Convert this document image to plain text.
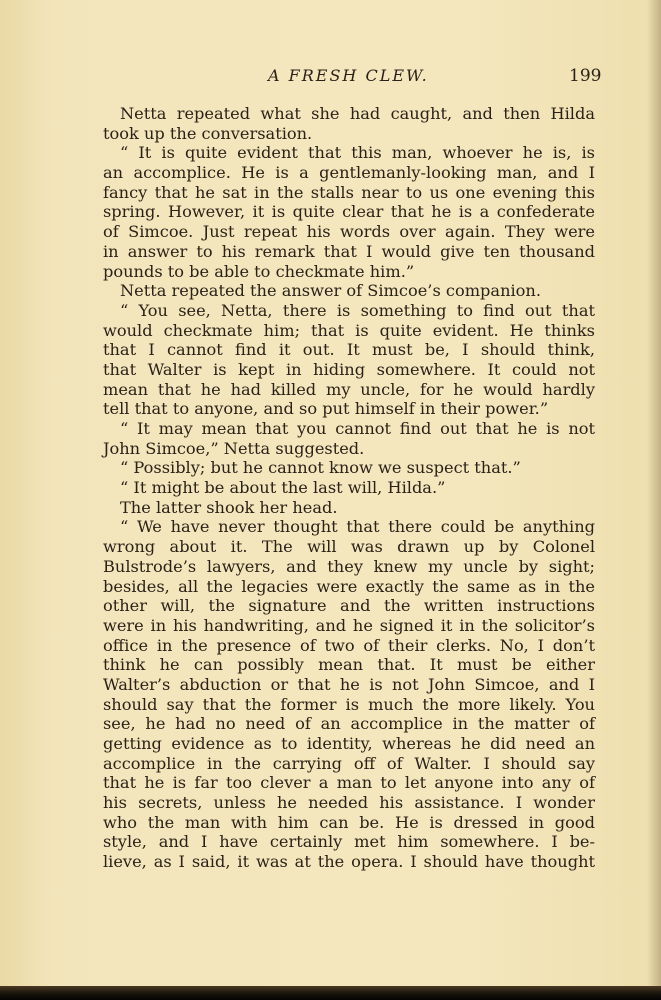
A FRESH CLEW.	199
Netta repeated what she had caught, and then Hilda
took up the conversation.
“ It is quite evident that this man, whoever he is, is
an accomplice. He is a gentlemanly-looking man, and I
fancy that he sat in the stalls near to us one evening this
spring. However, it is quite clear that he is a confederate
of Simcoe. Just repeat his words over again. They were
in answer to his remark that I would give ten thousand
pounds to be able to checkmate him.”
Netta repeated the answer of Simcoe’s companion.
“ You see, Netta, there is something to find out that
would checkmate him; that is quite evident. He thinks
that I cannot find it out. It must be, I should think,
that Walter is kept in hiding somewhere. It could not
mean that he had killed my uncle, for he would hardly
tell that to anyone, and so put himself in their power.”
“ It may mean that you cannot find out that he is not
John Simcoe,” Netta suggested.
“ Possibly; but he cannot know we suspect that.”
“ It might be about the last will, Hilda.”
The latter shook her head.
“ We have never thought that there could be anything
wrong about it. The will was drawn up by Colonel
Bulstrode’s lawyers, and they knew my uncle by sight;
besides, all the legacies were exactly the same as in the
other will, the signature and the written instructions
were in his handwriting, and he signed it in the solicitor’s
office in the presence of two of their clerks. No, I don’t
think he can possibly mean that. It must be either
Walter’s abduction or that he is not John Simcoe, and I
should say that the former is much the more likely. You
see, he had no need of an accomplice in the matter of
getting evidence as to identity, whereas he did need an
accomplice in the carrying off of Walter. I should say
that he is far too clever a man to let anyone into any of
his secrets, unless he needed his assistance. I wonder
who the man with him can be. He is dressed in good
style, and I have certainly met him somewhere. I be-
lieve, as I said, it was at the opera. I should have thought
